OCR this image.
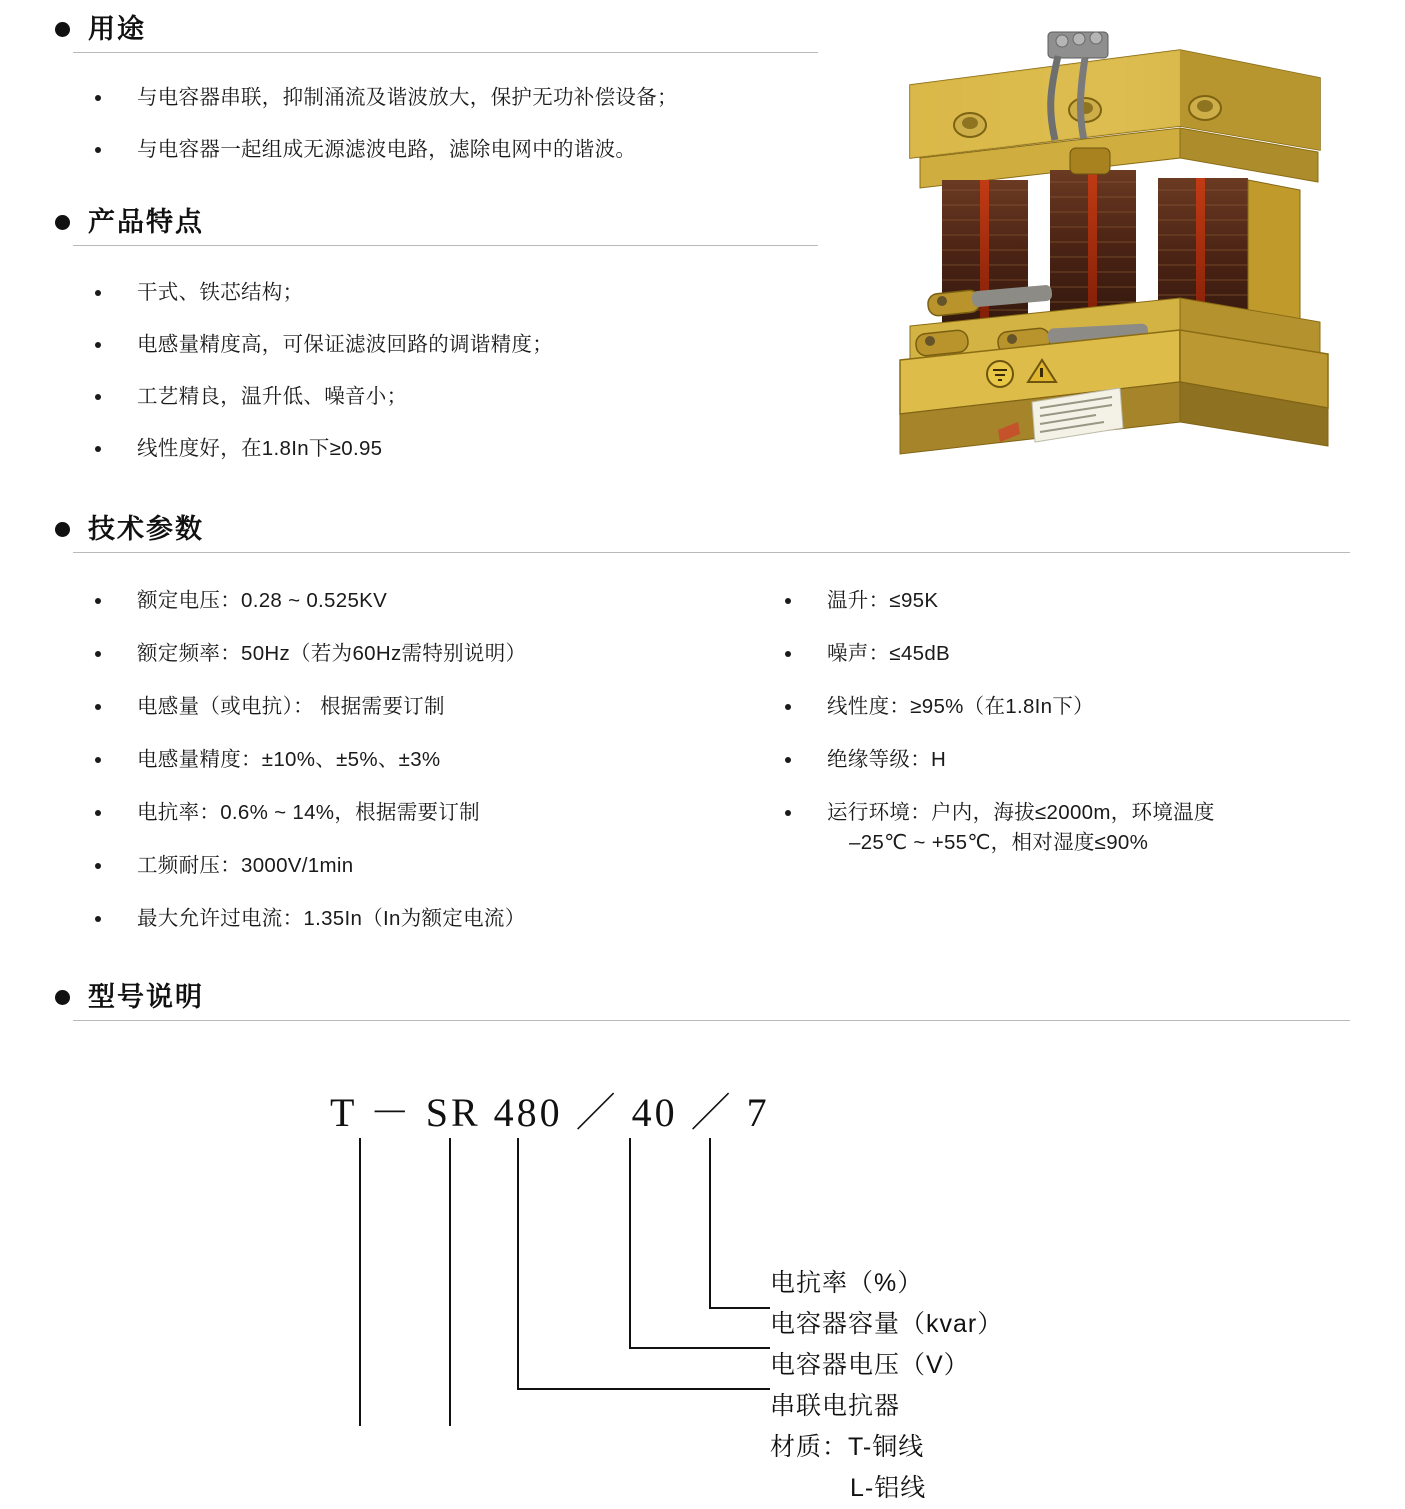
用途
与电容器串联，抑制涌流及谐波放大，保护无功补偿设备；
与电容器一起组成无源滤波电路，滤除电网中的谐波。
产品特点
干式、铁芯结构；
电感量精度高，可保证滤波回路的调谐精度；
工艺精良，温升低、噪音小；
线性度好，在1.8In下≥0.95
技术参数
额定电压：0.28 ~ 0.525KV
额定频率：50Hz（若为60Hz需特别说明）
电感量（或电抗）： 根据需要订制
电感量精度：±10%、±5%、±3%
电抗率：0.6% ~ 14%，根据需要订制
工频耐压：3000V/1min
最大允许过电流：1.35In（In为额定电流）
温升：≤95K
噪声：≤45dB
线性度：≥95%（在1.8In下）
绝缘等级：H
运行环境：户内，海拔≤2000m，环境温度
–25℃ ~ +55℃，相对湿度≤90%
型号说明
T － SR 480 ／ 40 ／ 7
电抗率（%）
电容器容量（kvar）
电容器电压（V）
串联电抗器
材质：T-铜线
L-铝线
